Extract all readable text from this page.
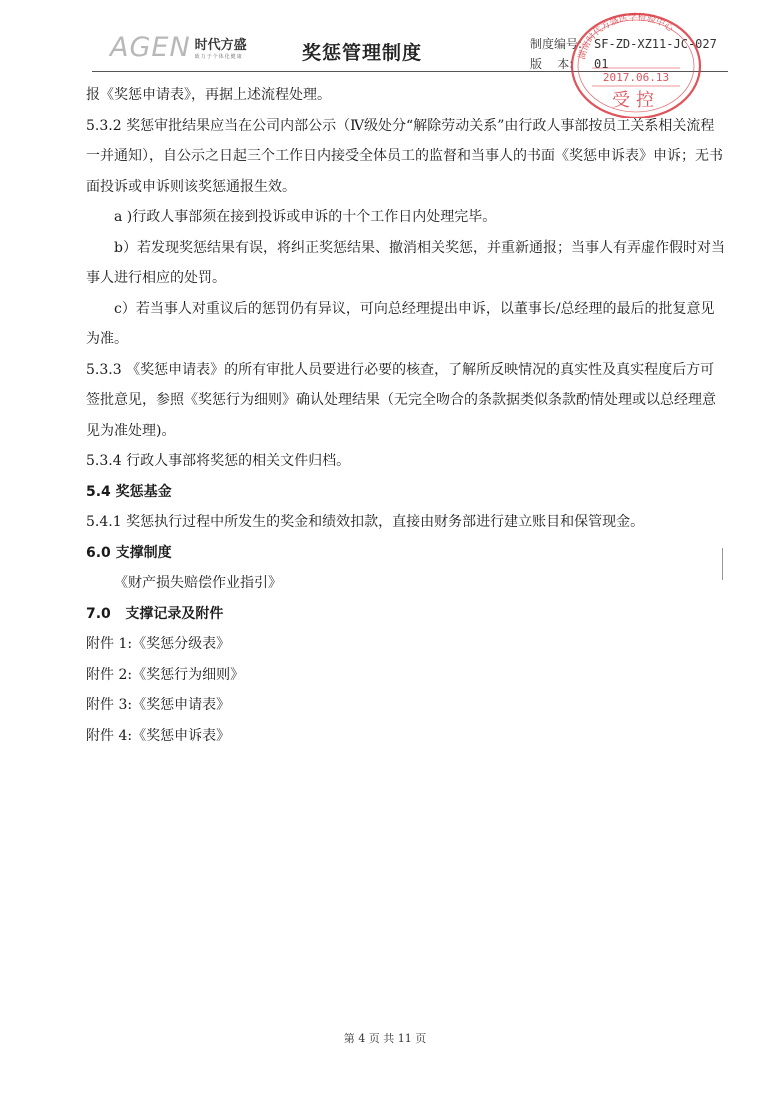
AGEN 时代方盛
致力于个体化健康	奖惩管理制度	制度编号: SF-ZD-XZ11-JC-027
版    本:	01
湖南时代方盛医学检验中心
2017.06.13
受控

报《奖惩申请表》，再据上述流程处理。

5.3.2 奖惩审批结果应当在公司内部公示（Ⅳ级处分“解除劳动关系”由行政人事部按员工关系相关流程一并通知），自公示之日起三个工作日内接受全体员工的监督和当事人的书面《奖惩申诉表》申诉；无书面投诉或申诉则该奖惩通报生效。

a )行政人事部须在接到投诉或申诉的十个工作日内处理完毕。

b）若发现奖惩结果有误，将纠正奖惩结果、撤消相关奖惩，并重新通报；当事人有弄虚作假时对当事人进行相应的处罚。

c）若当事人对重议后的惩罚仍有异议，可向总经理提出申诉，以董事长/总经理的最后的批复意见为准。

5.3.3 《奖惩申请表》的所有审批人员要进行必要的核查，了解所反映情况的真实性及真实程度后方可签批意见，参照《奖惩行为细则》确认处理结果（无完全吻合的条款据类似条款酌情处理或以总经理意见为准处理)。

5.3.4 行政人事部将奖惩的相关文件归档。

5.4 奖惩基金

5.4.1 奖惩执行过程中所发生的奖金和绩效扣款，直接由财务部进行建立账目和保管现金。

6.0 支撑制度

《财产损失赔偿作业指引》

7.0   支撑记录及附件

附件 1:《奖惩分级表》

附件 2:《奖惩行为细则》

附件 3:《奖惩申请表》

附件 4:《奖惩申诉表》

第 4 页 共 11 页
